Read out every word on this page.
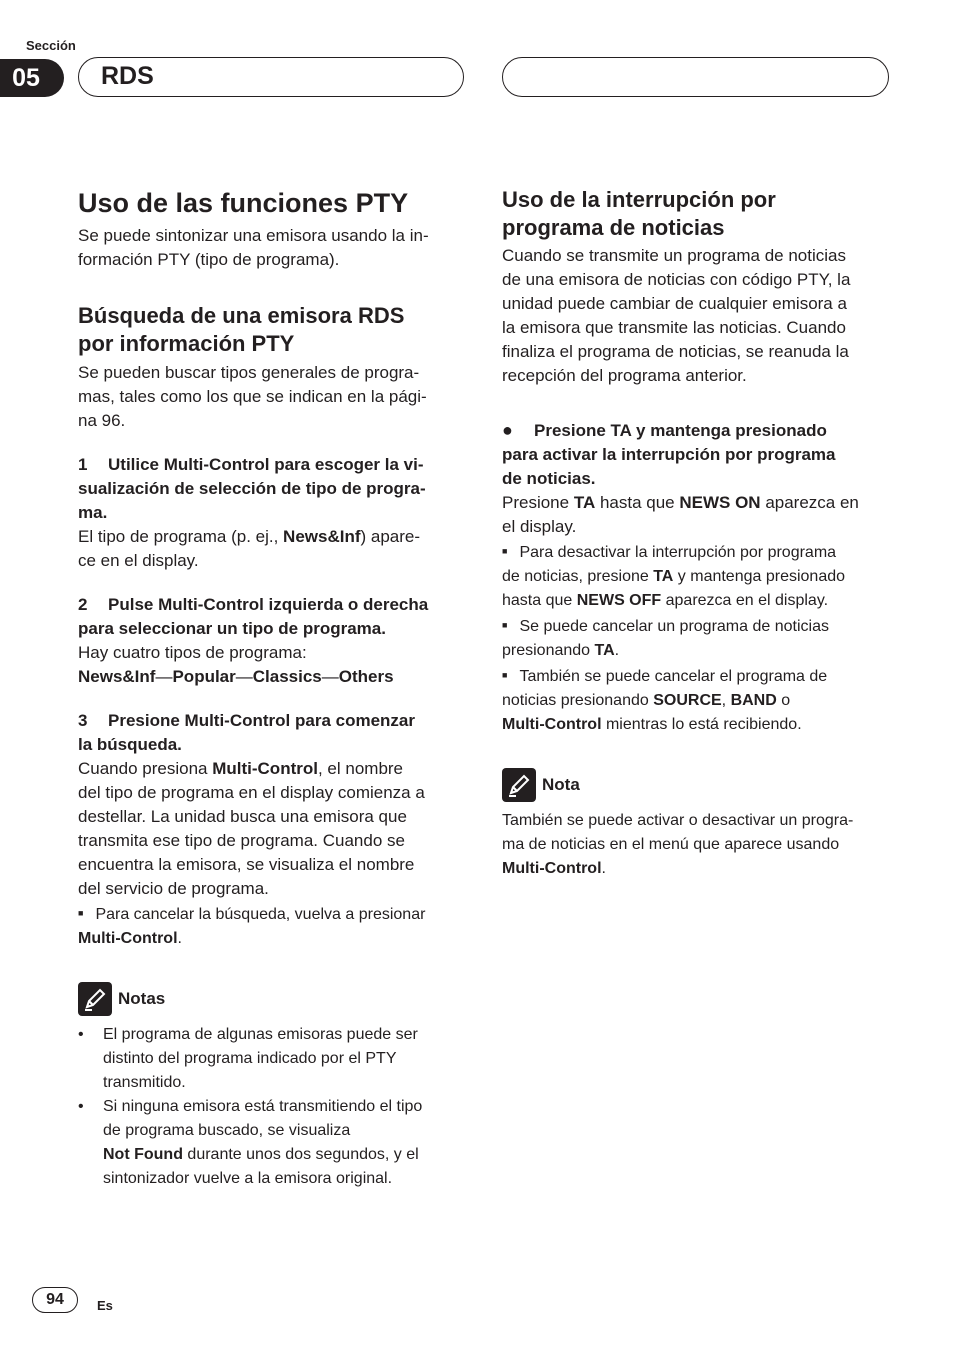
Sección
05	RDS
Uso de las funciones PTY

Se puede sintonizar una emisora usando la in-
formación PTY (tipo de programa).

Búsqueda de una emisora RDS
por información PTY

Se pueden buscar tipos generales de progra-
mas, tales como los que se indican en la pági-
na 96.

1 Utilice Multi-Control para escoger la vi-
sualización de selección de tipo de progra-
ma.

El tipo de programa (p. ej., News&Inf) apare-
ce en el display.

2 Pulse Multi-Control izquierda o derecha
para seleccionar un tipo de programa.

Hay cuatro tipos de programa:

News&Inf—Popular—Classics—Others

3 Presione Multi-Control para comenzar
la búsqueda.

Cuando presiona Multi-Control, el nombre
del tipo de programa en el display comienza a
destellar. La unidad busca una emisora que
transmita ese tipo de programa. Cuando se
encuentra la emisora, se visualiza el nombre
del servicio de programa.

■ Para cancelar la búsqueda, vuelva a presionar
Multi-Control.

Notas
•	El programa de algunas emisoras puede ser
distinto del programa indicado por el PTY
transmitido.
•	Si ninguna emisora está transmitiendo el tipo
de programa buscado, se visualiza
Not Found durante unos dos segundos, y el
sintonizador vuelve a la emisora original.
Uso de la interrupción por
programa de noticias

Cuando se transmite un programa de noticias
de una emisora de noticias con código PTY, la
unidad puede cambiar de cualquier emisora a
la emisora que transmite las noticias. Cuando
finaliza el programa de noticias, se reanuda la
recepción del programa anterior.

● Presione TA y mantenga presionado
para activar la interrupción por programa
de noticias.

Presione TA hasta que NEWS ON aparezca en
el display.

■ Para desactivar la interrupción por programa
de noticias, presione TA y mantenga presionado
hasta que NEWS OFF aparezca en el display.

■ Se puede cancelar un programa de noticias
presionando TA.

■ También se puede cancelar el programa de
noticias presionando SOURCE, BAND o
Multi-Control mientras lo está recibiendo.

Nota

También se puede activar o desactivar un progra-
ma de noticias en el menú que aparece usando
Multi-Control.

94	Es
